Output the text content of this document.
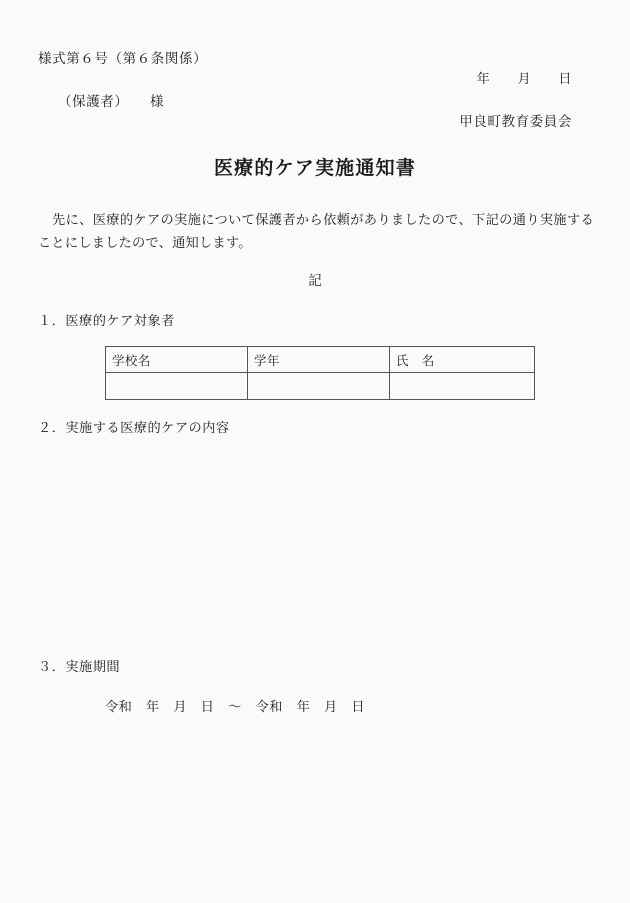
様式第６号（第６条関係）
年　　月　　日
（保護者）　　様
甲良町教育委員会
医療的ケア実施通知書
先に、医療的ケアの実施について保護者から依頼がありましたので、下記の通り実施することにしましたので、通知します。
記
１．医療的ケア対象者
学校名	学年	氏　名

２．実施する医療的ケアの内容
３．実施期間
令和　年　月　日　～　令和　年　月　日
